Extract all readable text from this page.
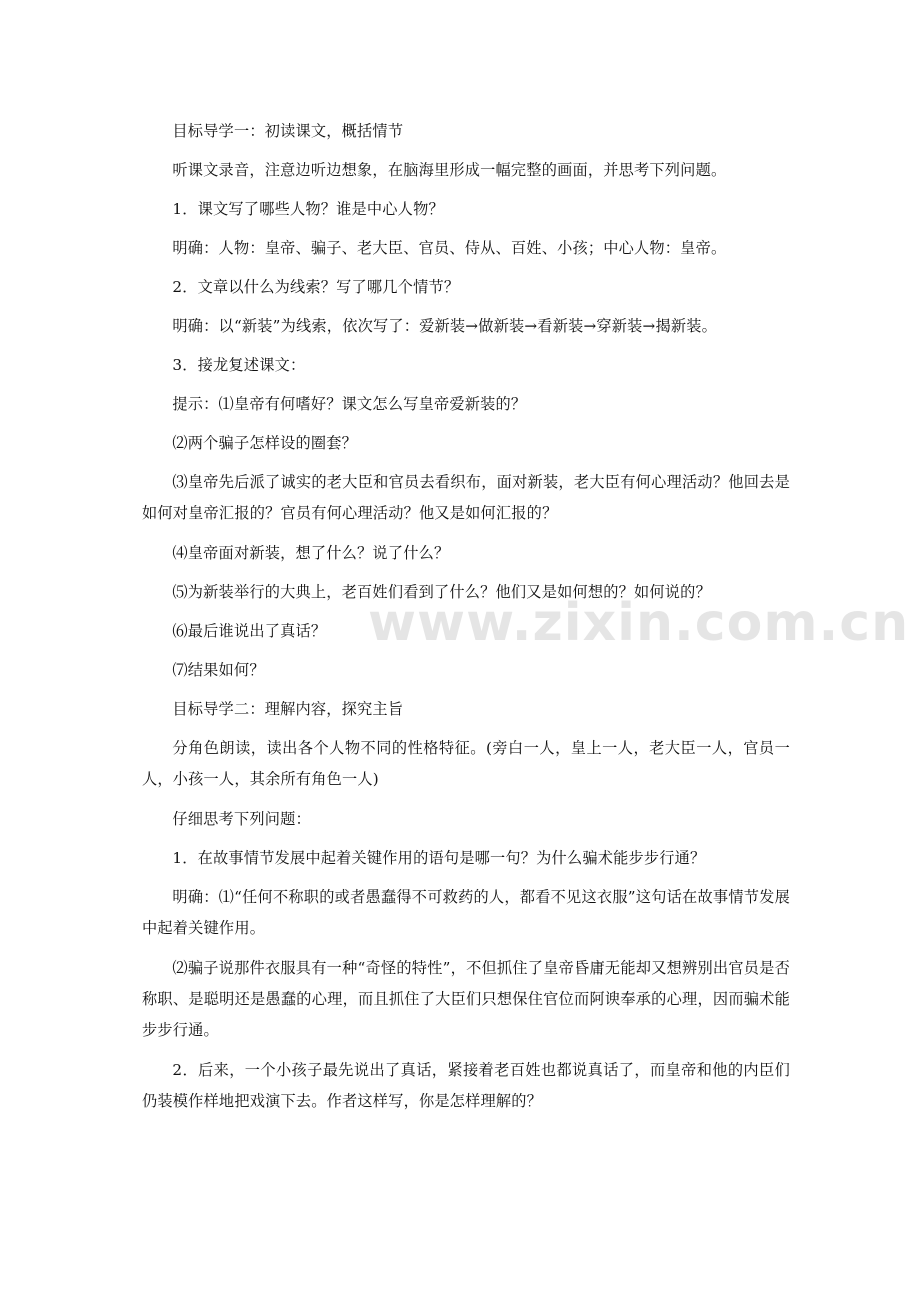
目标导学一：初读课文，概括情节

听课文录音，注意边听边想象，在脑海里形成一幅完整的画面，并思考下列问题。

1．课文写了哪些人物？谁是中心人物？

明确：人物：皇帝、骗子、老大臣、官员、侍从、百姓、小孩；中心人物：皇帝。

2．文章以什么为线索？写了哪几个情节？

明确：以“新装”为线索，依次写了：爱新装→做新装→看新装→穿新装→揭新装。

3．接龙复述课文：

提示：⑴皇帝有何嗜好？课文怎么写皇帝爱新装的？

⑵两个骗子怎样设的圈套？

⑶皇帝先后派了诚实的老大臣和官员去看织布，面对新装，老大臣有何心理活动？他回去是如何对皇帝汇报的？官员有何心理活动？他又是如何汇报的？

⑷皇帝面对新装，想了什么？说了什么？

⑸为新装举行的大典上，老百姓们看到了什么？他们又是如何想的？如何说的？

⑹最后谁说出了真话？

⑺结果如何？

目标导学二：理解内容，探究主旨

分角色朗读，读出各个人物不同的性格特征。(旁白一人，皇上一人，老大臣一人，官员一人，小孩一人，其余所有角色一人)

仔细思考下列问题：

1．在故事情节发展中起着关键作用的语句是哪一句？为什么骗术能步步行通？

明确：⑴“任何不称职的或者愚蠢得不可救药的人，都看不见这衣服”这句话在故事情节发展中起着关键作用。

⑵骗子说那件衣服具有一种“奇怪的特性”，不但抓住了皇帝昏庸无能却又想辨别出官员是否称职、是聪明还是愚蠢的心理，而且抓住了大臣们只想保住官位而阿谀奉承的心理，因而骗术能步步行通。

2．后来，一个小孩子最先说出了真话，紧接着老百姓也都说真话了，而皇帝和他的内臣们仍装模作样地把戏演下去。作者这样写，你是怎样理解的？

www.zixin.com.cn
